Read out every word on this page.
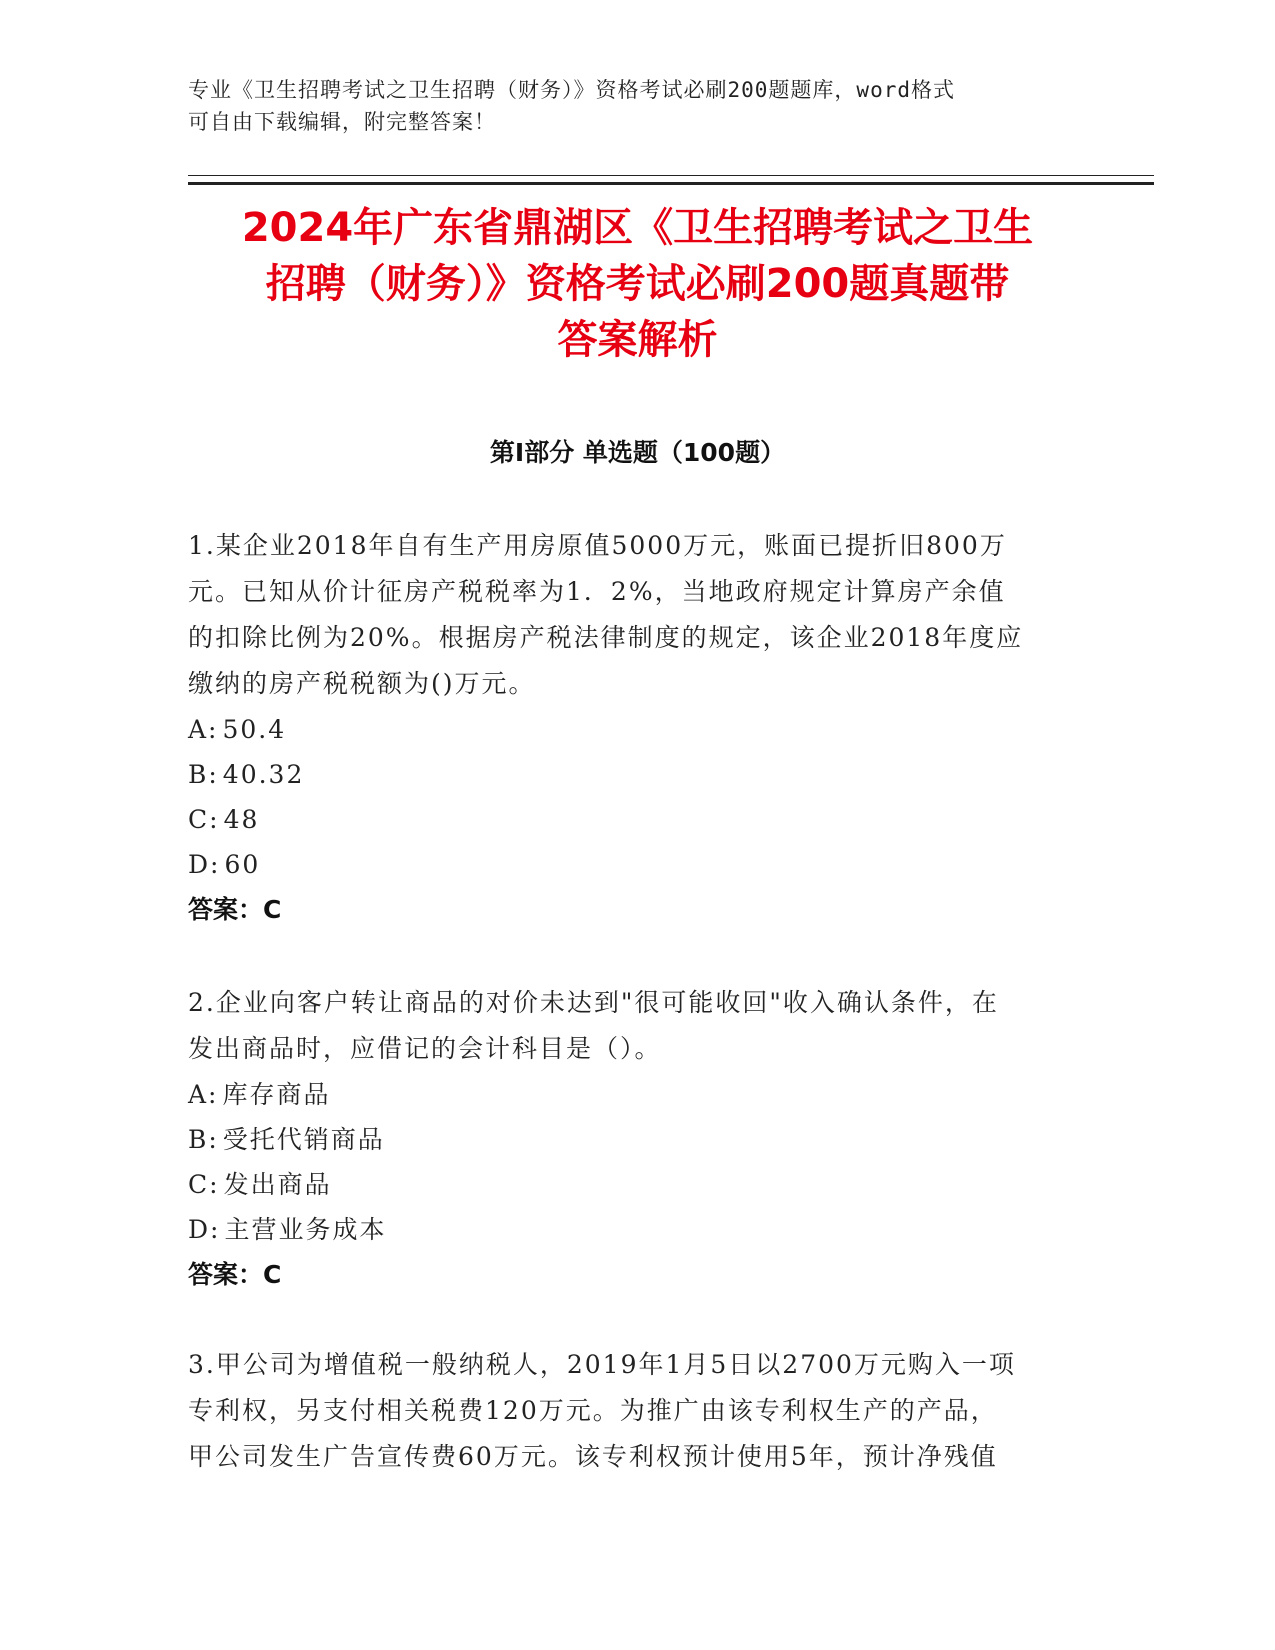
专业《卫生招聘考试之卫生招聘（财务）》资格考试必刷200题题库，word格式
可自由下载编辑，附完整答案！
2024年广东省鼎湖区《卫生招聘考试之卫生
招聘（财务）》资格考试必刷200题真题带
答案解析
第Ⅰ部分 单选题（100题）
1.某企业2018年自有生产用房原值5000万元，账面已提折旧800万
元。已知从价计征房产税税率为1．2%，当地政府规定计算房产余值
的扣除比例为20%。根据房产税法律制度的规定，该企业2018年度应
缴纳的房产税税额为()万元。
A: 50.4
B: 40.32
C: 48
D: 60
答案：C
2.企业向客户转让商品的对价未达到"很可能收回"收入确认条件，在
发出商品时，应借记的会计科目是（）。
A: 库存商品
B: 受托代销商品
C: 发出商品
D: 主营业务成本
答案：C
3.甲公司为增值税一般纳税人，2019年1月5日以2700万元购入一项
专利权，另支付相关税费120万元。为推广由该专利权生产的产品，
甲公司发生广告宣传费60万元。该专利权预计使用5年，预计净残值
